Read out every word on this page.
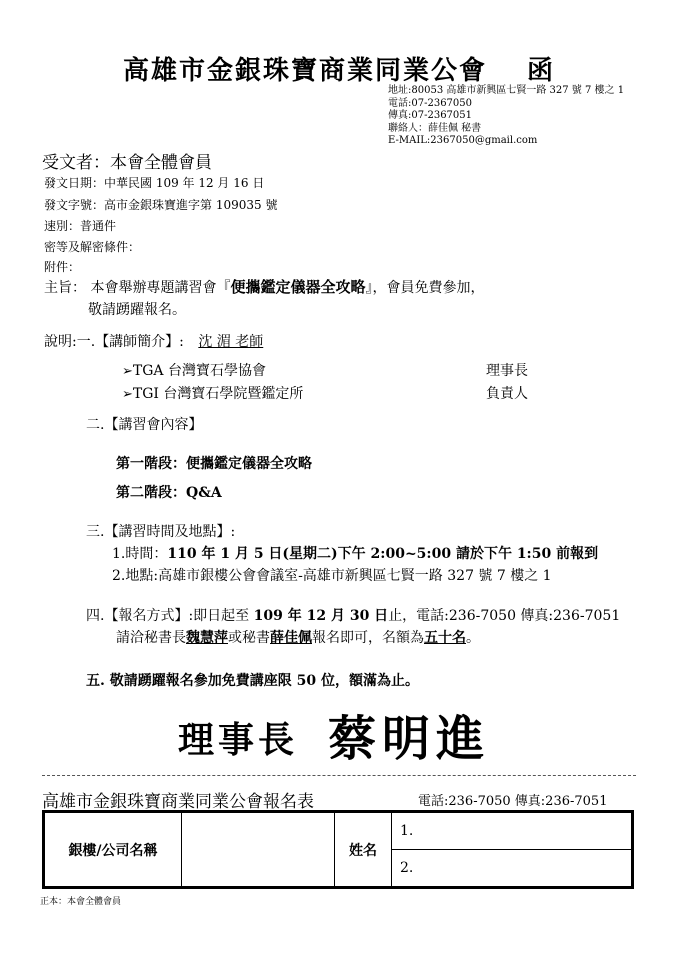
高雄市金銀珠寶商業同業公會 函
地址:80053 高雄市新興區七賢一路 327 號 7 樓之 1
電話:07-2367050
傳真:07-2367051
聯絡人：薛佳佩 秘書
E-MAIL:2367050@gmail.com
受文者：本會全體會員
發文日期：中華民國 109 年 12 月 16 日
發文字號：高市金銀珠寶進字第 109035 號
速別：普通件
密等及解密條件：
附件：
主旨： 本會舉辦專題講習會『便攜鑑定儀器全攻略』，會員免費參加，
敬請踴躍報名。
說明:一.【講師簡介】: 沈 湄 老師
➢TGA 台灣寶石學協會	理事長
➢TGI 台灣寶石學院暨鑑定所	負責人
二.【講習會內容】
第一階段：便攜鑑定儀器全攻略
第二階段：Q&A
三.【講習時間及地點】:
1.時間：110 年 1 月 5 日(星期二)下午 2:00~5:00 請於下午 1:50 前報到
2.地點:高雄市銀樓公會會議室-高雄市新興區七賢一路 327 號 7 樓之 1
四.【報名方式】:即日起至 109 年 12 月 30 日止，電話:236-7050 傳真:236-7051
請洽秘書長魏慧萍或秘書薛佳佩報名即可，名額為五十名。
五. 敬請踴躍報名參加免費講座限 50 位，額滿為止。
理事長 蔡明進
高雄市金銀珠寶商業同業公會報名表	電話:236-7050 傳真:236-7051
銀樓/公司名稱		姓名	1.
2.
正本：本會全體會員
